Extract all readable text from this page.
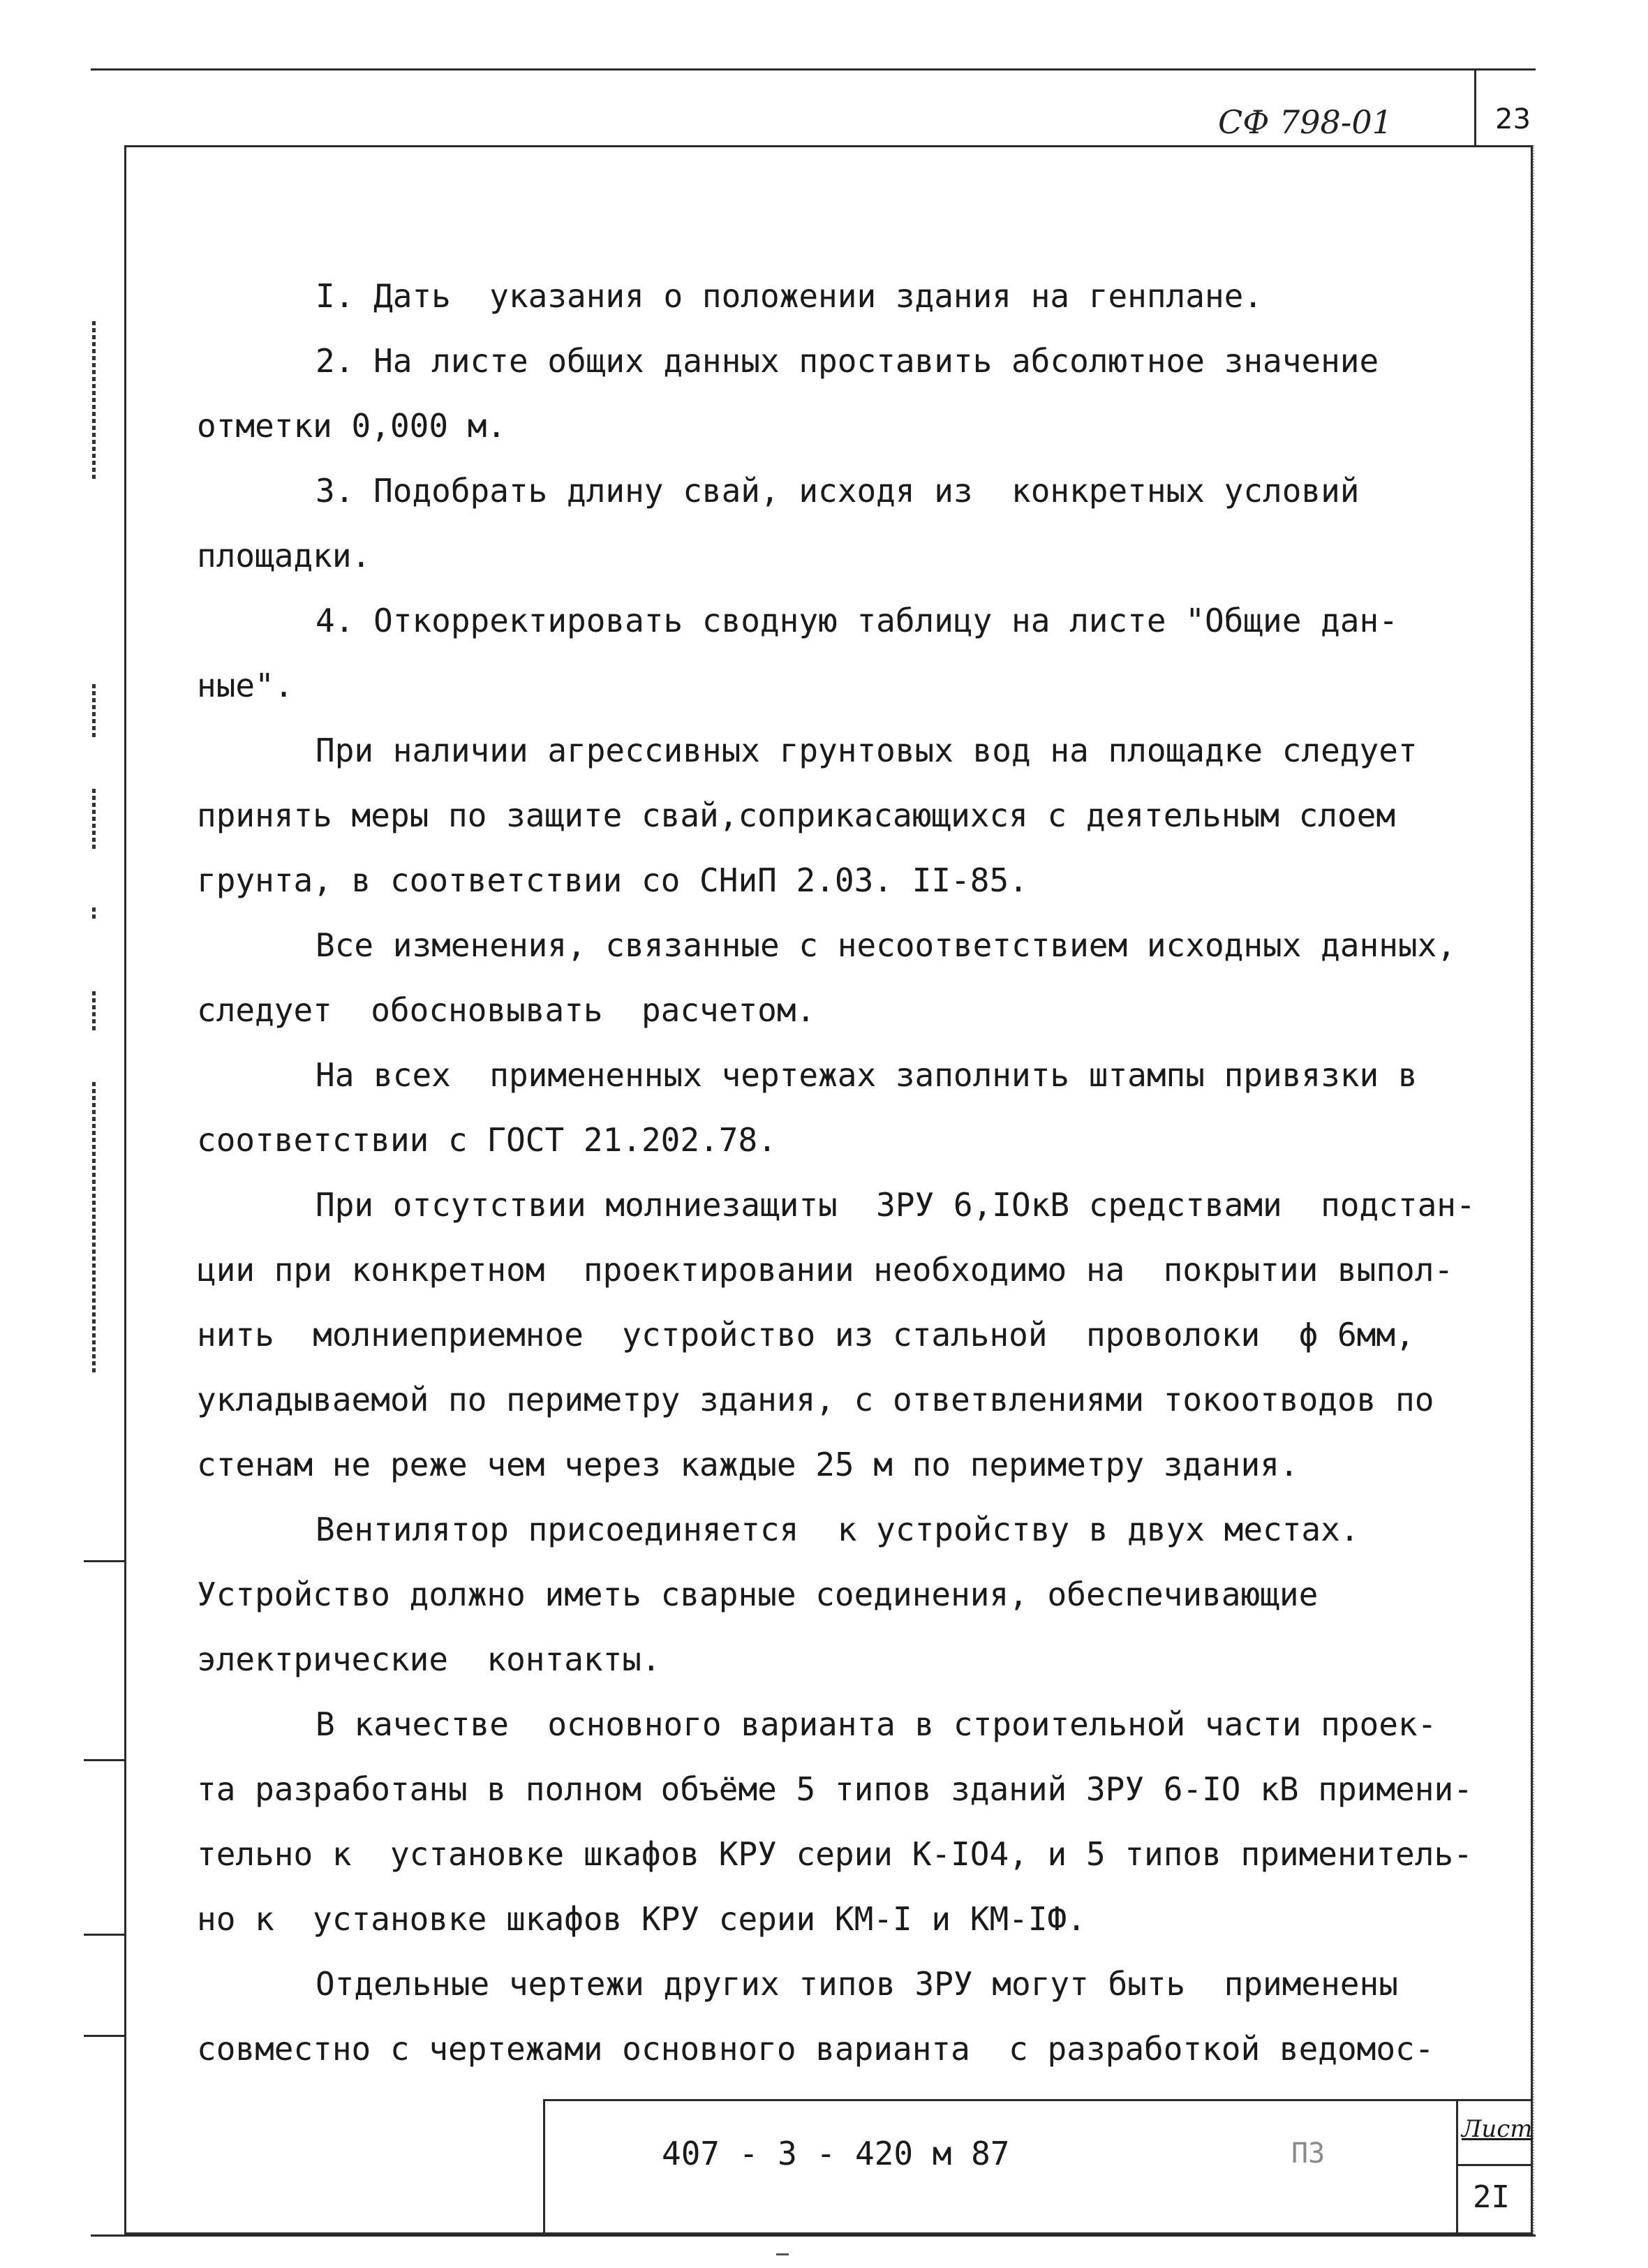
23
СФ 798-01
I. Дать  указания о положении здания на генплане.
2. На листе общих данных проставить абсолютное значение
отметки 0,000 м.
3. Подобрать длину свай, исходя из  конкретных условий
площадки.
4. Откорректировать сводную таблицу на листе "Общие дан-
ные".
При наличии агрессивных грунтовых вод на площадке следует
принять меры по защите свай,соприкасающихся с деятельным слоем
грунта, в соответствии со СНиП 2.03. II-85.
Все изменения, связанные с несоответствием исходных данных,
следует  обосновывать  расчетом.
На всех  примененных чертежах заполнить штампы привязки в
соответствии с ГОСТ 21.202.78.
При отсутствии молниезащиты  ЗРУ 6,IОкВ средствами  подстан-
ции при конкретном  проектировании необходимо на  покрытии выпол-
нить  молниеприемное  устройство из стальной  проволоки  ϕ 6мм,
укладываемой по периметру здания, с ответвлениями токоотводов по
стенам не реже чем через каждые 25 м по периметру здания.
Вентилятор присоединяется  к устройству в двух местах.
Устройство должно иметь сварные соединения, обеспечивающие
электрические  контакты.
В качестве  основного варианта в строительной части проек-
та разработаны в полном объёме 5 типов зданий ЗРУ 6-IО кВ примени-
тельно к  установке шкафов КРУ серии К-IО4, и 5 типов применитель-
но к  установке шкафов КРУ серии КМ-I и КМ-IФ.
Отдельные чертежи других типов ЗРУ могут быть  применены
совместно с чертежами основного варианта  с разработкой ведомос-
407 - 3 - 420 м 87	ПЗ
Лист
2I
